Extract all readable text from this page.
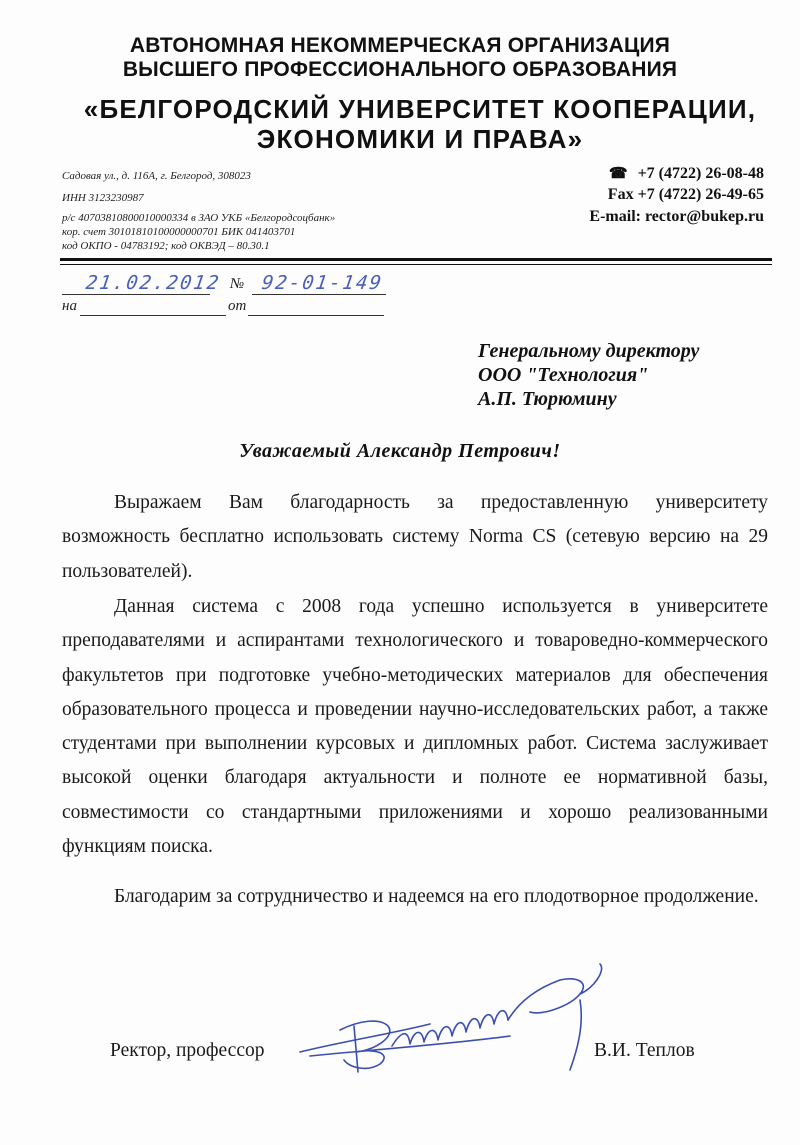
АВТОНОМНАЯ НЕКОММЕРЧЕСКАЯ ОРГАНИЗАЦИЯ
ВЫСШЕГО ПРОФЕССИОНАЛЬНОГО ОБРАЗОВАНИЯ
«БЕЛГОРОДСКИЙ УНИВЕРСИТЕТ КООПЕРАЦИИ,
ЭКОНОМИКИ И ПРАВА»
Садовая ул., д. 116А, г. Белгород, 308023
ИНН 3123230987
р/с 40703810800010000334 в ЗАО УКБ «Белгородсоцбанк»
кор. счет 30101810100000000701 БИК 041403701
код ОКПО - 04783192; код ОКВЭД – 80.30.1
☎ +7 (4722) 26-08-48
Fax +7 (4722) 26-49-65
E-mail: rector@bukep.ru
21.02.2012 № 92-01-149
на	от
Генеральному директору
ООО "Технология"
А.П. Тюрюмину
Уважаемый Александр Петрович!

Выражаем Вам благодарность за предоставленную университету возможность бесплатно использовать систему Norma CS (сетевую версию на 29 пользователей).

Данная система с 2008 года успешно используется в университете преподавателями и аспирантами технологического и товароведно-коммерческого факультетов при подготовке учебно-методических материалов для обеспечения образовательного процесса и проведении научно-исследовательских работ, а также студентами при выполнении курсовых и дипломных работ. Система заслуживает высокой оценки благодаря актуальности и полноте ее нормативной базы, совместимости со стандартными приложениями и хорошо реализованными функциям поиска.

Благодарим за сотрудничество и надеемся на его плодотворное продолжение.

Ректор, профессор	В.И. Теплов
